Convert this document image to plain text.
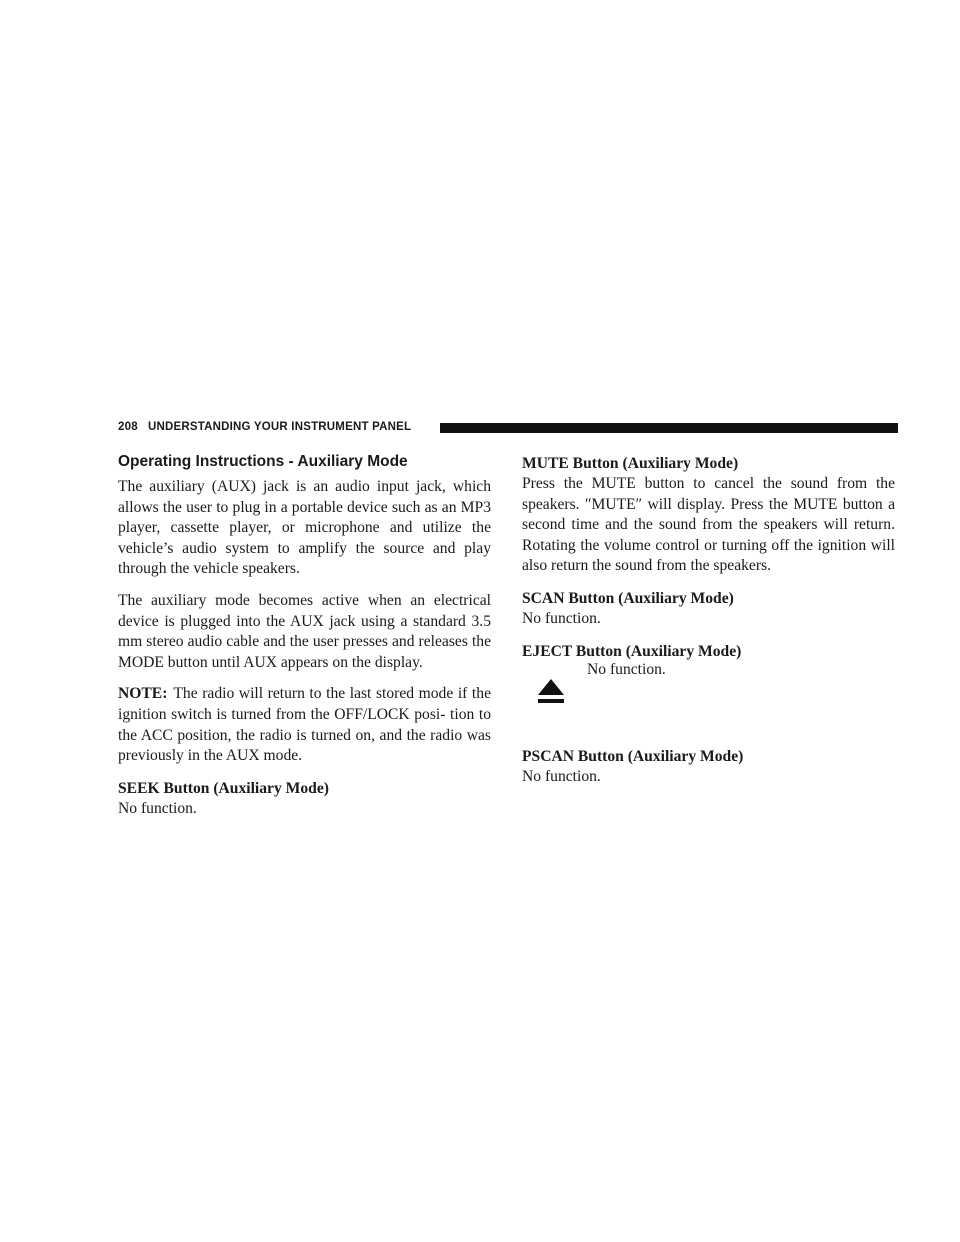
208 UNDERSTANDING YOUR INSTRUMENT PANEL
Operating Instructions - Auxiliary Mode

The auxiliary (AUX) jack is an audio input jack, which allows the user to plug in a portable device such as an MP3 player, cassette player, or microphone and utilize the vehicle’s audio system to amplify the source and play through the vehicle speakers.

The auxiliary mode becomes active when an electrical device is plugged into the AUX jack using a standard 3.5 mm stereo audio cable and the user presses and releases the MODE button until AUX appears on the display.

NOTE: The radio will return to the last stored mode if the ignition switch is turned from the OFF/LOCK posi- tion to the ACC position, the radio is turned on, and the radio was previously in the AUX mode.

SEEK Button (Auxiliary Mode)
No function.
MUTE Button (Auxiliary Mode)

Press the MUTE button to cancel the sound from the speakers. ″MUTE″ will display. Press the MUTE button a second time and the sound from the speakers will return. Rotating the volume control or turning off the ignition will also return the sound from the speakers.

SCAN Button (Auxiliary Mode)
No function.
EJECT Button (Auxiliary Mode)
No function.
PSCAN Button (Auxiliary Mode)
No function.
